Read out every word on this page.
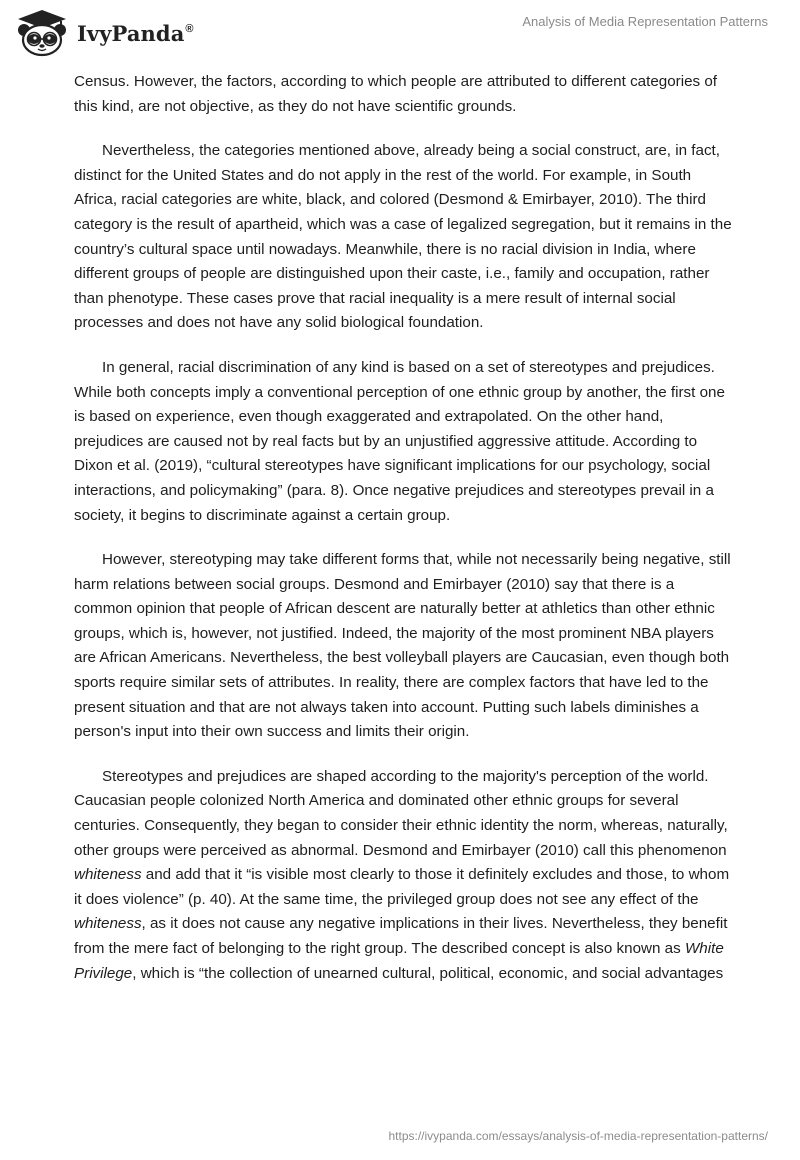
IvyPanda®	Analysis of Media Representation Patterns

Census. However, the factors, according to which people are attributed to different categories of this kind, are not objective, as they do not have scientific grounds.

Nevertheless, the categories mentioned above, already being a social construct, are, in fact, distinct for the United States and do not apply in the rest of the world. For example, in South Africa, racial categories are white, black, and colored (Desmond & Emirbayer, 2010). The third category is the result of apartheid, which was a case of legalized segregation, but it remains in the country’s cultural space until nowadays. Meanwhile, there is no racial division in India, where different groups of people are distinguished upon their caste, i.e., family and occupation, rather than phenotype. These cases prove that racial inequality is a mere result of internal social processes and does not have any solid biological foundation.

In general, racial discrimination of any kind is based on a set of stereotypes and prejudices. While both concepts imply a conventional perception of one ethnic group by another, the first one is based on experience, even though exaggerated and extrapolated. On the other hand, prejudices are caused not by real facts but by an unjustified aggressive attitude. According to Dixon et al. (2019), “cultural stereotypes have significant implications for our psychology, social interactions, and policymaking” (para. 8). Once negative prejudices and stereotypes prevail in a society, it begins to discriminate against a certain group.

However, stereotyping may take different forms that, while not necessarily being negative, still harm relations between social groups. Desmond and Emirbayer (2010) say that there is a common opinion that people of African descent are naturally better at athletics than other ethnic groups, which is, however, not justified. Indeed, the majority of the most prominent NBA players are African Americans. Nevertheless, the best volleyball players are Caucasian, even though both sports require similar sets of attributes. In reality, there are complex factors that have led to the present situation and that are not always taken into account. Putting such labels diminishes a person's input into their own success and limits their origin.

Stereotypes and prejudices are shaped according to the majority's perception of the world. Caucasian people colonized North America and dominated other ethnic groups for several centuries. Consequently, they began to consider their ethnic identity the norm, whereas, naturally, other groups were perceived as abnormal. Desmond and Emirbayer (2010) call this phenomenon whiteness and add that it “is visible most clearly to those it definitely excludes and those, to whom it does violence” (p. 40). At the same time, the privileged group does not see any effect of the whiteness, as it does not cause any negative implications in their lives. Nevertheless, they benefit from the mere fact of belonging to the right group. The described concept is also known as White Privilege, which is “the collection of unearned cultural, political, economic, and social advantages

https://ivypanda.com/essays/analysis-of-media-representation-patterns/
